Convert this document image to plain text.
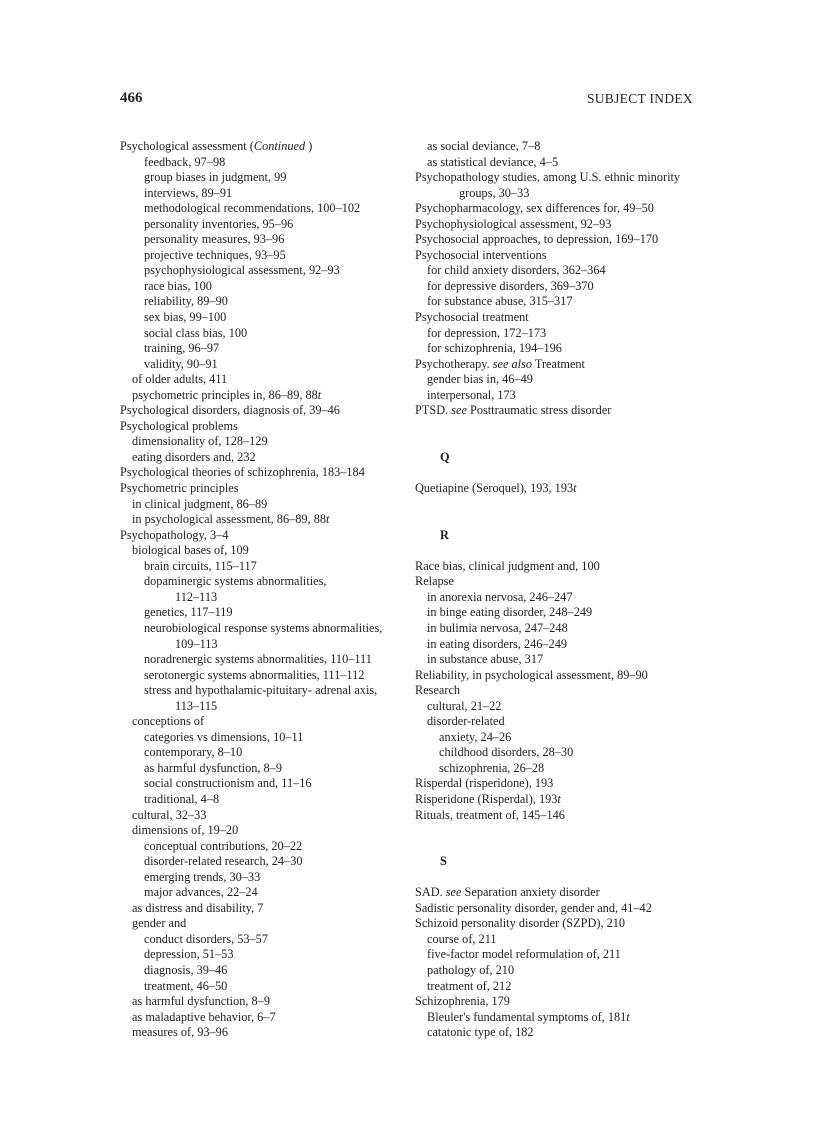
466	SUBJECT INDEX
Psychological assessment (Continued )
feedback, 97–98
group biases in judgment, 99
interviews, 89–91
methodological recommendations, 100–102
personality inventories, 95–96
personality measures, 93–96
projective techniques, 93–95
psychophysiological assessment, 92–93
race bias, 100
reliability, 89–90
sex bias, 99–100
social class bias, 100
training, 96–97
validity, 90–91
of older adults, 411
psychometric principles in, 86–89, 88t
Psychological disorders, diagnosis of, 39–46
Psychological problems
dimensionality of, 128–129
eating disorders and, 232
Psychological theories of schizophrenia, 183–184
Psychometric principles
in clinical judgment, 86–89
in psychological assessment, 86–89, 88t
Psychopathology, 3–4
biological bases of, 109
brain circuits, 115–117
dopaminergic systems abnormalities,
112–113
genetics, 117–119
neurobiological response systems abnormalities,
109–113
noradrenergic systems abnormalities, 110–111
serotonergic systems abnormalities, 111–112
stress and hypothalamic-pituitary- adrenal axis,
113–115
conceptions of
categories vs dimensions, 10–11
contemporary, 8–10
as harmful dysfunction, 8–9
social constructionism and, 11–16
traditional, 4–8
cultural, 32–33
dimensions of, 19–20
conceptual contributions, 20–22
disorder-related research, 24–30
emerging trends, 30–33
major advances, 22–24
as distress and disability, 7
gender and
conduct disorders, 53–57
depression, 51–53
diagnosis, 39–46
treatment, 46–50
as harmful dysfunction, 8–9
as maladaptive behavior, 6–7
measures of, 93–96
as social deviance, 7–8
as statistical deviance, 4–5
Psychopathology studies, among U.S. ethnic minority
groups, 30–33
Psychopharmacology, sex differences for, 49–50
Psychophysiological assessment, 92–93
Psychosocial approaches, to depression, 169–170
Psychosocial interventions
for child anxiety disorders, 362–364
for depressive disorders, 369–370
for substance abuse, 315–317
Psychosocial treatment
for depression, 172–173
for schizophrenia, 194–196
Psychotherapy. see also Treatment
gender bias in, 46–49
interpersonal, 173
PTSD. see Posttraumatic stress disorder
Q
Quetiapine (Seroquel), 193, 193t
R
Race bias, clinical judgment and, 100
Relapse
in anorexia nervosa, 246–247
in binge eating disorder, 248–249
in bulimia nervosa, 247–248
in eating disorders, 246–249
in substance abuse, 317
Reliability, in psychological assessment, 89–90
Research
cultural, 21–22
disorder-related
anxiety, 24–26
childhood disorders, 28–30
schizophrenia, 26–28
Risperdal (risperidone), 193
Risperidone (Risperdal), 193t
Rituals, treatment of, 145–146
S
SAD. see Separation anxiety disorder
Sadistic personality disorder, gender and, 41–42
Schizoid personality disorder (SZPD), 210
course of, 211
five-factor model reformulation of, 211
pathology of, 210
treatment of, 212
Schizophrenia, 179
Bleuler's fundamental symptoms of, 181t
catatonic type of, 182
